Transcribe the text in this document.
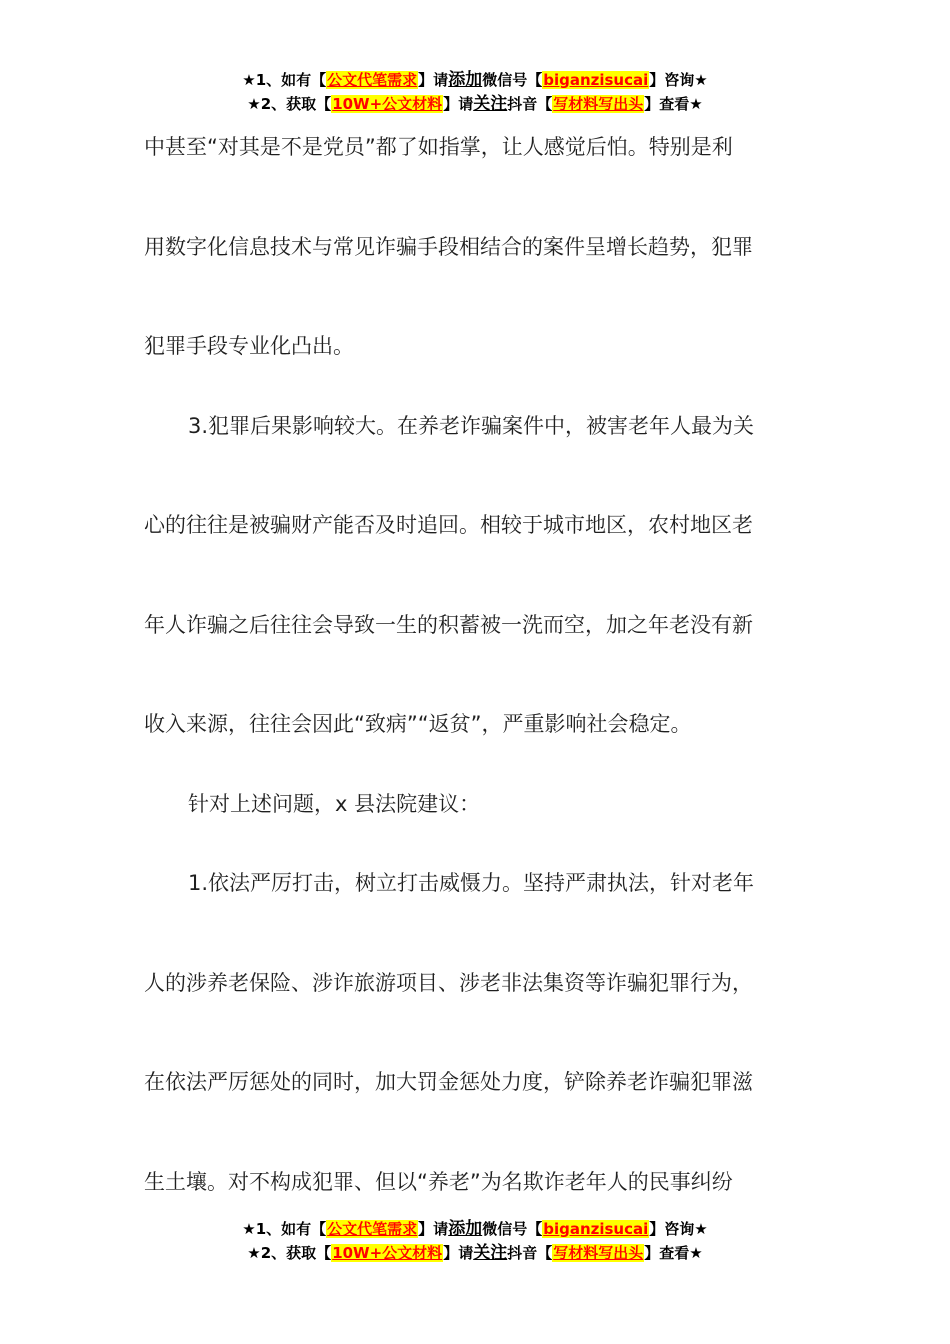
★1、如有【公文代笔需求】请添加微信号【biganzisucai】咨询★
★2、获取【10W+公文材料】请关注抖音【写材料写出头】查看★
中甚至“对其是不是党员”都了如指掌，让人感觉后怕。特别是利
用数字化信息技术与常见诈骗手段相结合的案件呈增长趋势，犯罪
犯罪手段专业化凸出。
3.犯罪后果影响较大。在养老诈骗案件中，被害老年人最为关
心的往往是被骗财产能否及时追回。相较于城市地区，农村地区老
年人诈骗之后往往会导致一生的积蓄被一洗而空，加之年老没有新
收入来源，往往会因此“致病”“返贫”，严重影响社会稳定。
针对上述问题，x 县法院建议：
1.依法严厉打击，树立打击威慑力。坚持严肃执法，针对老年
人的涉养老保险、涉诈旅游项目、涉老非法集资等诈骗犯罪行为，
在依法严厉惩处的同时，加大罚金惩处力度，铲除养老诈骗犯罪滋
生土壤。对不构成犯罪、但以“养老”为名欺诈老年人的民事纠纷
★1、如有【公文代笔需求】请添加微信号【biganzisucai】咨询★
★2、获取【10W+公文材料】请关注抖音【写材料写出头】查看★
